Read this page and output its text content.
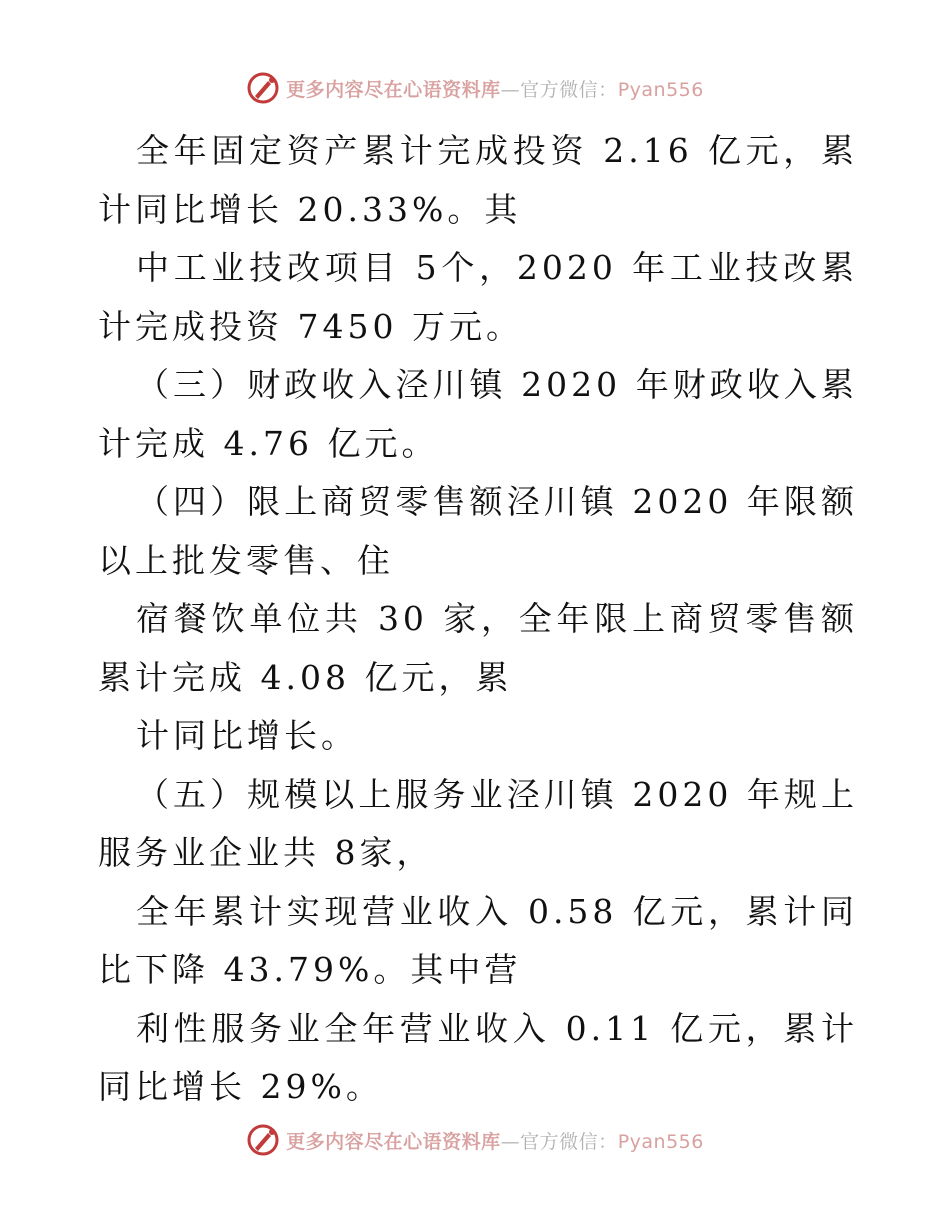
更多内容尽在心语资料库—官方微信：Pyan556

全年固定资产累计完成投资 2.16 亿元，累计同比增长 20.33%。其

中工业技改项目 5个，2020 年工业技改累计完成投资 7450 万元。

（三）财政收入泾川镇 2020 年财政收入累计完成 4.76 亿元。

（四）限上商贸零售额泾川镇 2020 年限额以上批发零售、住

宿餐饮单位共 30 家，全年限上商贸零售额累计完成 4.08 亿元，累

计同比增长。

（五）规模以上服务业泾川镇 2020 年规上服务业企业共 8家，

全年累计实现营业收入 0.58 亿元，累计同比下降 43.79%。其中营

利性服务业全年营业收入 0.11 亿元，累计同比增长 29%。

更多内容尽在心语资料库—官方微信：Pyan556
